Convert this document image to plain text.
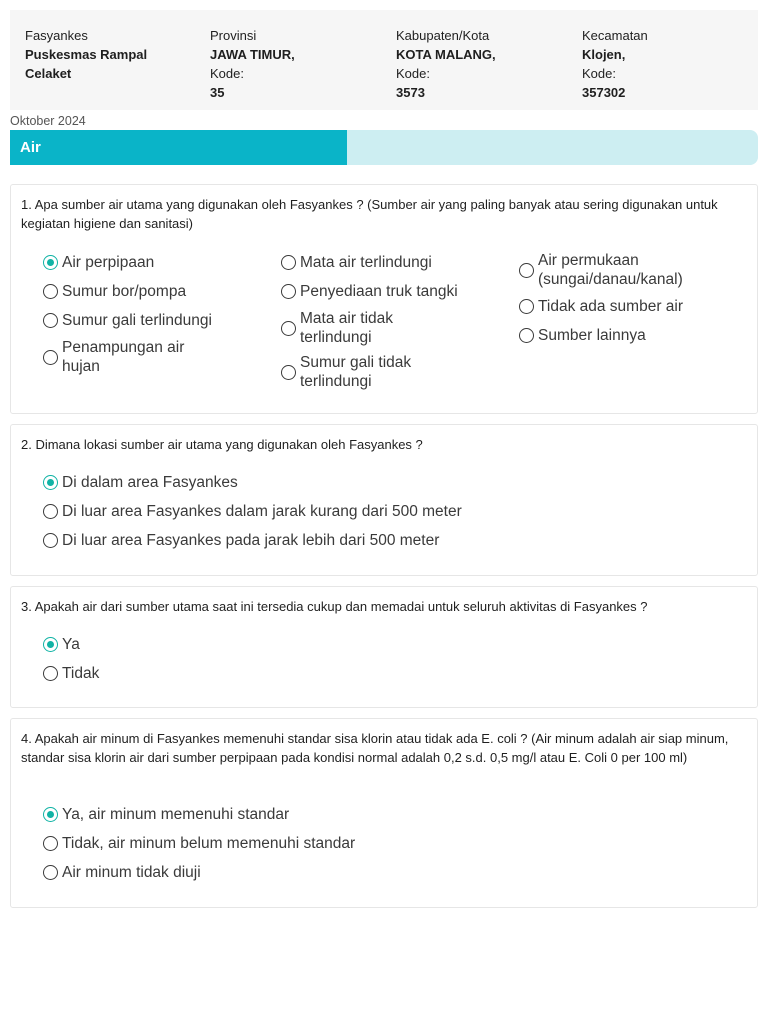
Fasyankes
Puskesmas Rampal
Celaket
Provinsi
JAWA TIMUR,
Kode:
35
Kabupaten/Kota
KOTA MALANG,
Kode:
3573
Kecamatan
Klojen,
Kode:
357302
Oktober 2024
Air
1. Apa sumber air utama yang digunakan oleh Fasyankes ? (Sumber air yang paling banyak atau sering digunakan untuk kegiatan higiene dan sanitasi)
Air perpipaan
Sumur bor/pompa
Sumur gali terlindungi
Penampungan air hujan
Mata air terlindungi
Penyediaan truk tangki
Mata air tidak terlindungi
Sumur gali tidak terlindungi
Air permukaan (sungai/danau/kanal)
Tidak ada sumber air
Sumber lainnya
2. Dimana lokasi sumber air utama yang digunakan oleh Fasyankes ?
Di dalam area Fasyankes
Di luar area Fasyankes dalam jarak kurang dari 500 meter
Di luar area Fasyankes pada jarak lebih dari 500 meter
3. Apakah air dari sumber utama saat ini tersedia cukup dan memadai untuk seluruh aktivitas di Fasyankes ?
Ya
Tidak
4. Apakah air minum di Fasyankes memenuhi standar sisa klorin atau tidak ada E. coli ? (Air minum adalah air siap minum, standar sisa klorin air dari sumber perpipaan pada kondisi normal adalah 0,2 s.d. 0,5 mg/l atau E. Coli 0 per 100 ml)
Ya, air minum memenuhi standar
Tidak, air minum belum memenuhi standar
Air minum tidak diuji
